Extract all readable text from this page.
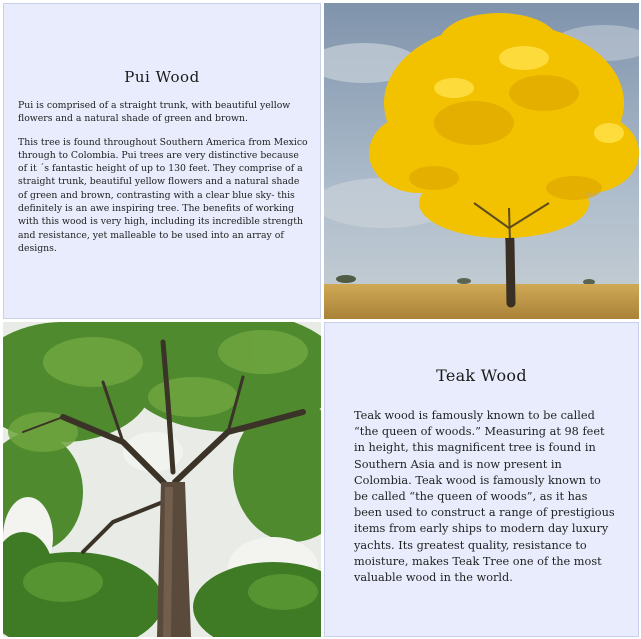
Pui Wood

Pui is comprised of a straight trunk, with beautiful yellow flowers and a natural shade of green and brown.

This tree is found throughout Southern America from Mexico through to Colombia. Pui trees are very distinctive because of it ´s fantastic height of up to 130 feet. They comprise of a straight trunk, beautiful yellow flowers and a natural shade of green and brown, contrasting with a clear blue sky- this definitely is an awe inspiring tree. The benefits of working with this wood is very high, including its incredible strength and resistance, yet malleable to be used into an array of designs.

Teak Wood
Teak wood is famously known to be called “the queen of woods.” Measuring at 98 feet in height, this magnificent tree is found in Southern Asia and is now present in Colombia. Teak wood is famously known to be called “the queen of woods”, as it has been used to construct a range of prestigious items from early ships to modern day luxury yachts. Its greatest quality, resistance to moisture, makes Teak Tree one of the most valuable wood in the world.
